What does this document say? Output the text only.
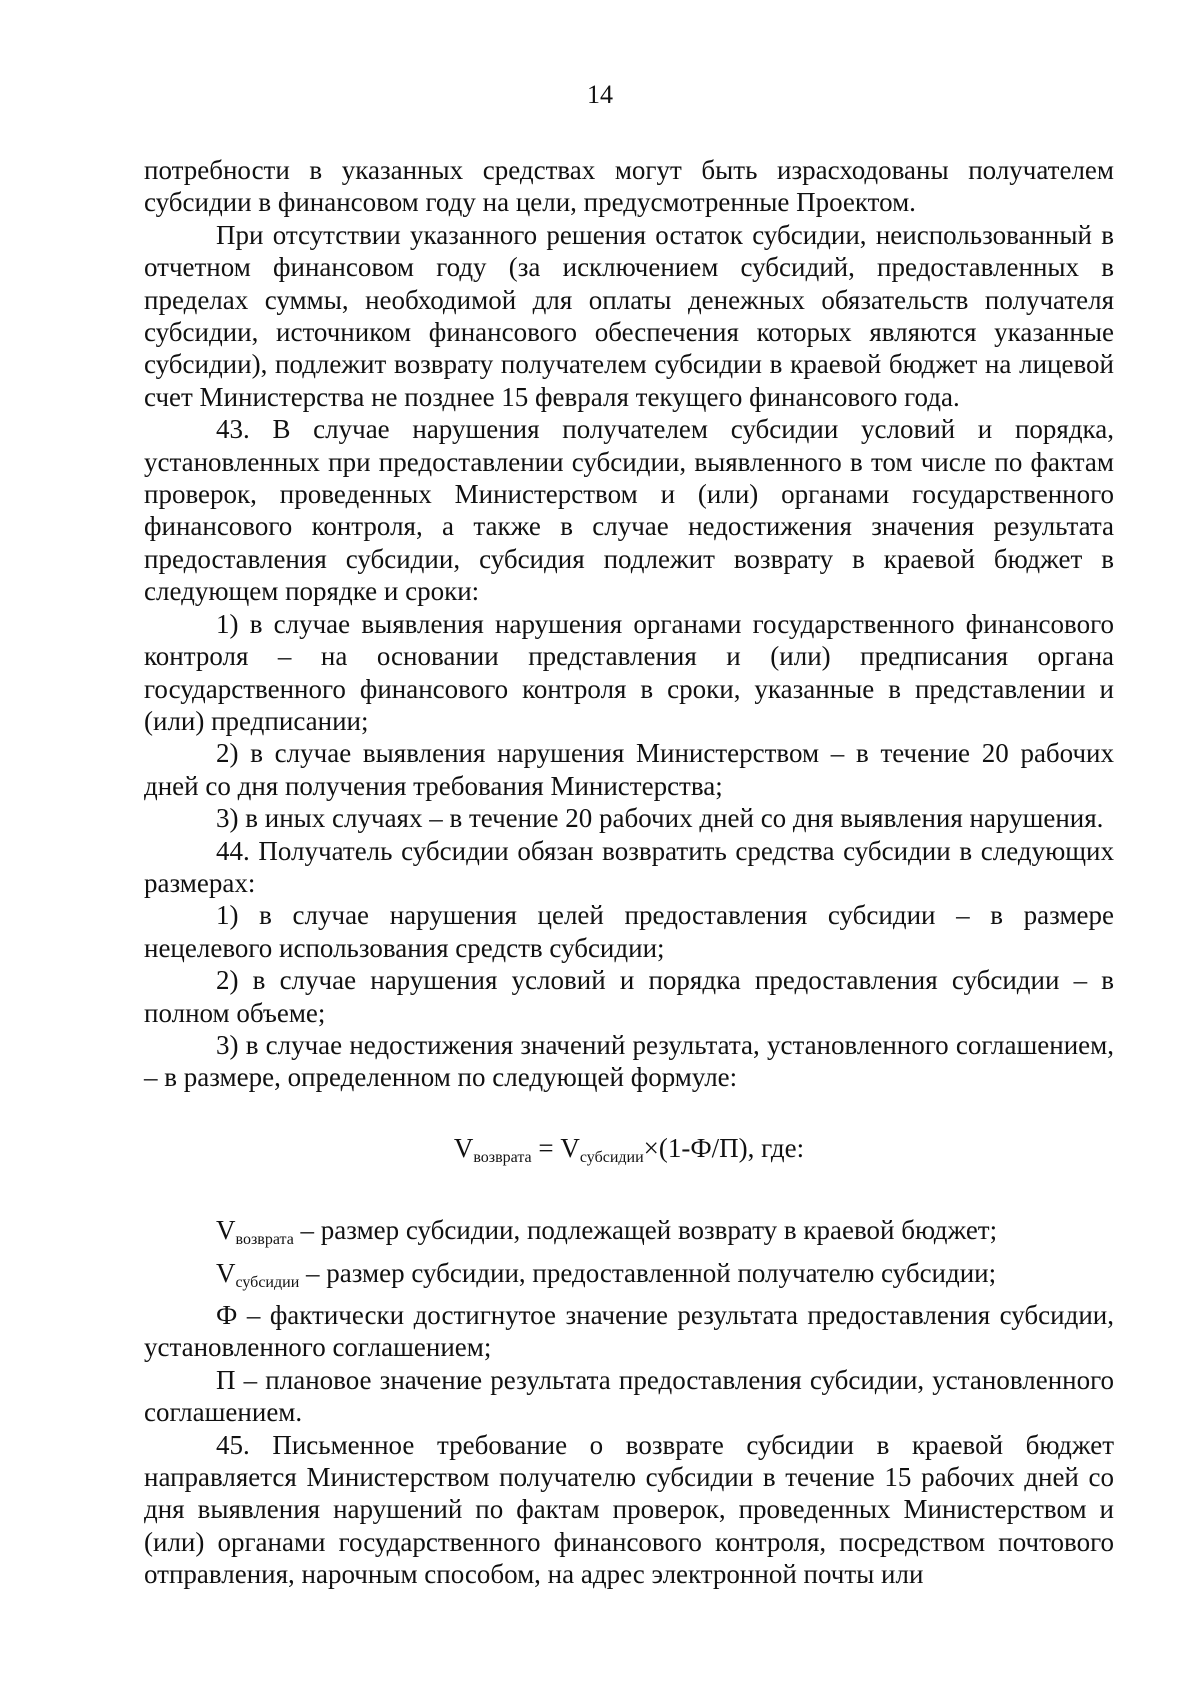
14

потребности в указанных средствах могут быть израсходованы получателем субсидии в финансовом году на цели, предусмотренные Проектом.

При отсутствии указанного решения остаток субсидии, неиспользованный в отчетном финансовом году (за исключением субсидий, предоставленных в пределах суммы, необходимой для оплаты денежных обязательств получателя субсидии, источником финансового обеспечения которых являются указанные субсидии), подлежит возврату получателем субсидии в краевой бюджет на лицевой счет Министерства не позднее 15 февраля текущего финансового года.

43. В случае нарушения получателем субсидии условий и порядка, установленных при предоставлении субсидии, выявленного в том числе по фактам проверок, проведенных Министерством и (или) органами государственного финансового контроля, а также в случае недостижения значения результата предоставления субсидии, субсидия подлежит возврату в краевой бюджет в следующем порядке и сроки:

1) в случае выявления нарушения органами государственного финансового контроля – на основании представления и (или) предписания органа государственного финансового контроля в сроки, указанные в представлении и (или) предписании;

2) в случае выявления нарушения Министерством – в течение 20 рабочих дней со дня получения требования Министерства;

3) в иных случаях – в течение 20 рабочих дней со дня выявления нарушения.

44. Получатель субсидии обязан возвратить средства субсидии в следующих размерах:

1) в случае нарушения целей предоставления субсидии – в размере нецелевого использования средств субсидии;

2) в случае нарушения условий и порядка предоставления субсидии – в полном объеме;

3) в случае недостижения значений результата, установленного соглашением, – в размере, определенном по следующей формуле:

$V_{возврата} = V_{субсидии}\times(1-Ф/П)$, где:

$V_{возврата}$ – размер субсидии, подлежащей возврату в краевой бюджет;

$V_{субсидии}$ – размер субсидии, предоставленной получателю субсидии;

Ф – фактически достигнутое значение результата предоставления субсидии, установленного соглашением;

П – плановое значение результата предоставления субсидии, установленного соглашением.

45. Письменное требование о возврате субсидии в краевой бюджет направляется Министерством получателю субсидии в течение 15 рабочих дней со дня выявления нарушений по фактам проверок, проведенных Министерством и (или) органами государственного финансового контроля, посредством почтового отправления, нарочным способом, на адрес электронной почты или
